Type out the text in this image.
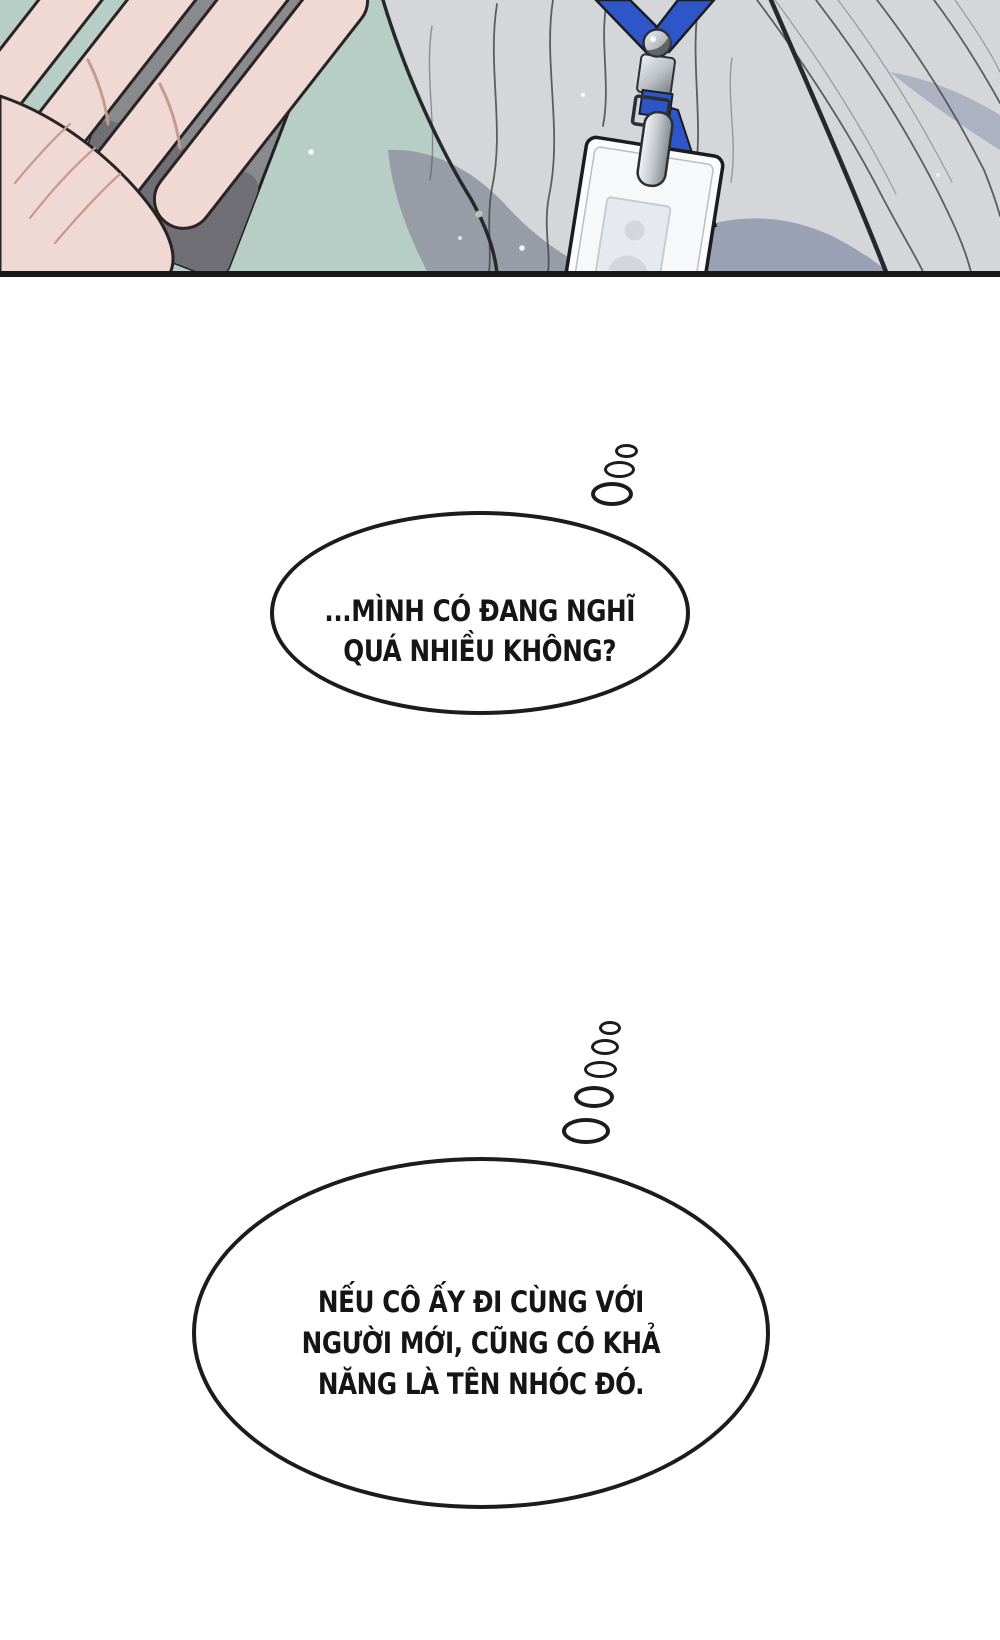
...MÌNH CÓ ĐANG NGHĨ
QUÁ NHIỀU KHÔNG?
NẾU CÔ ẤY ĐI CÙNG VỚI
NGƯỜI MỚI, CŨNG CÓ KHẢ
NĂNG LÀ TÊN NHÓC ĐÓ.
